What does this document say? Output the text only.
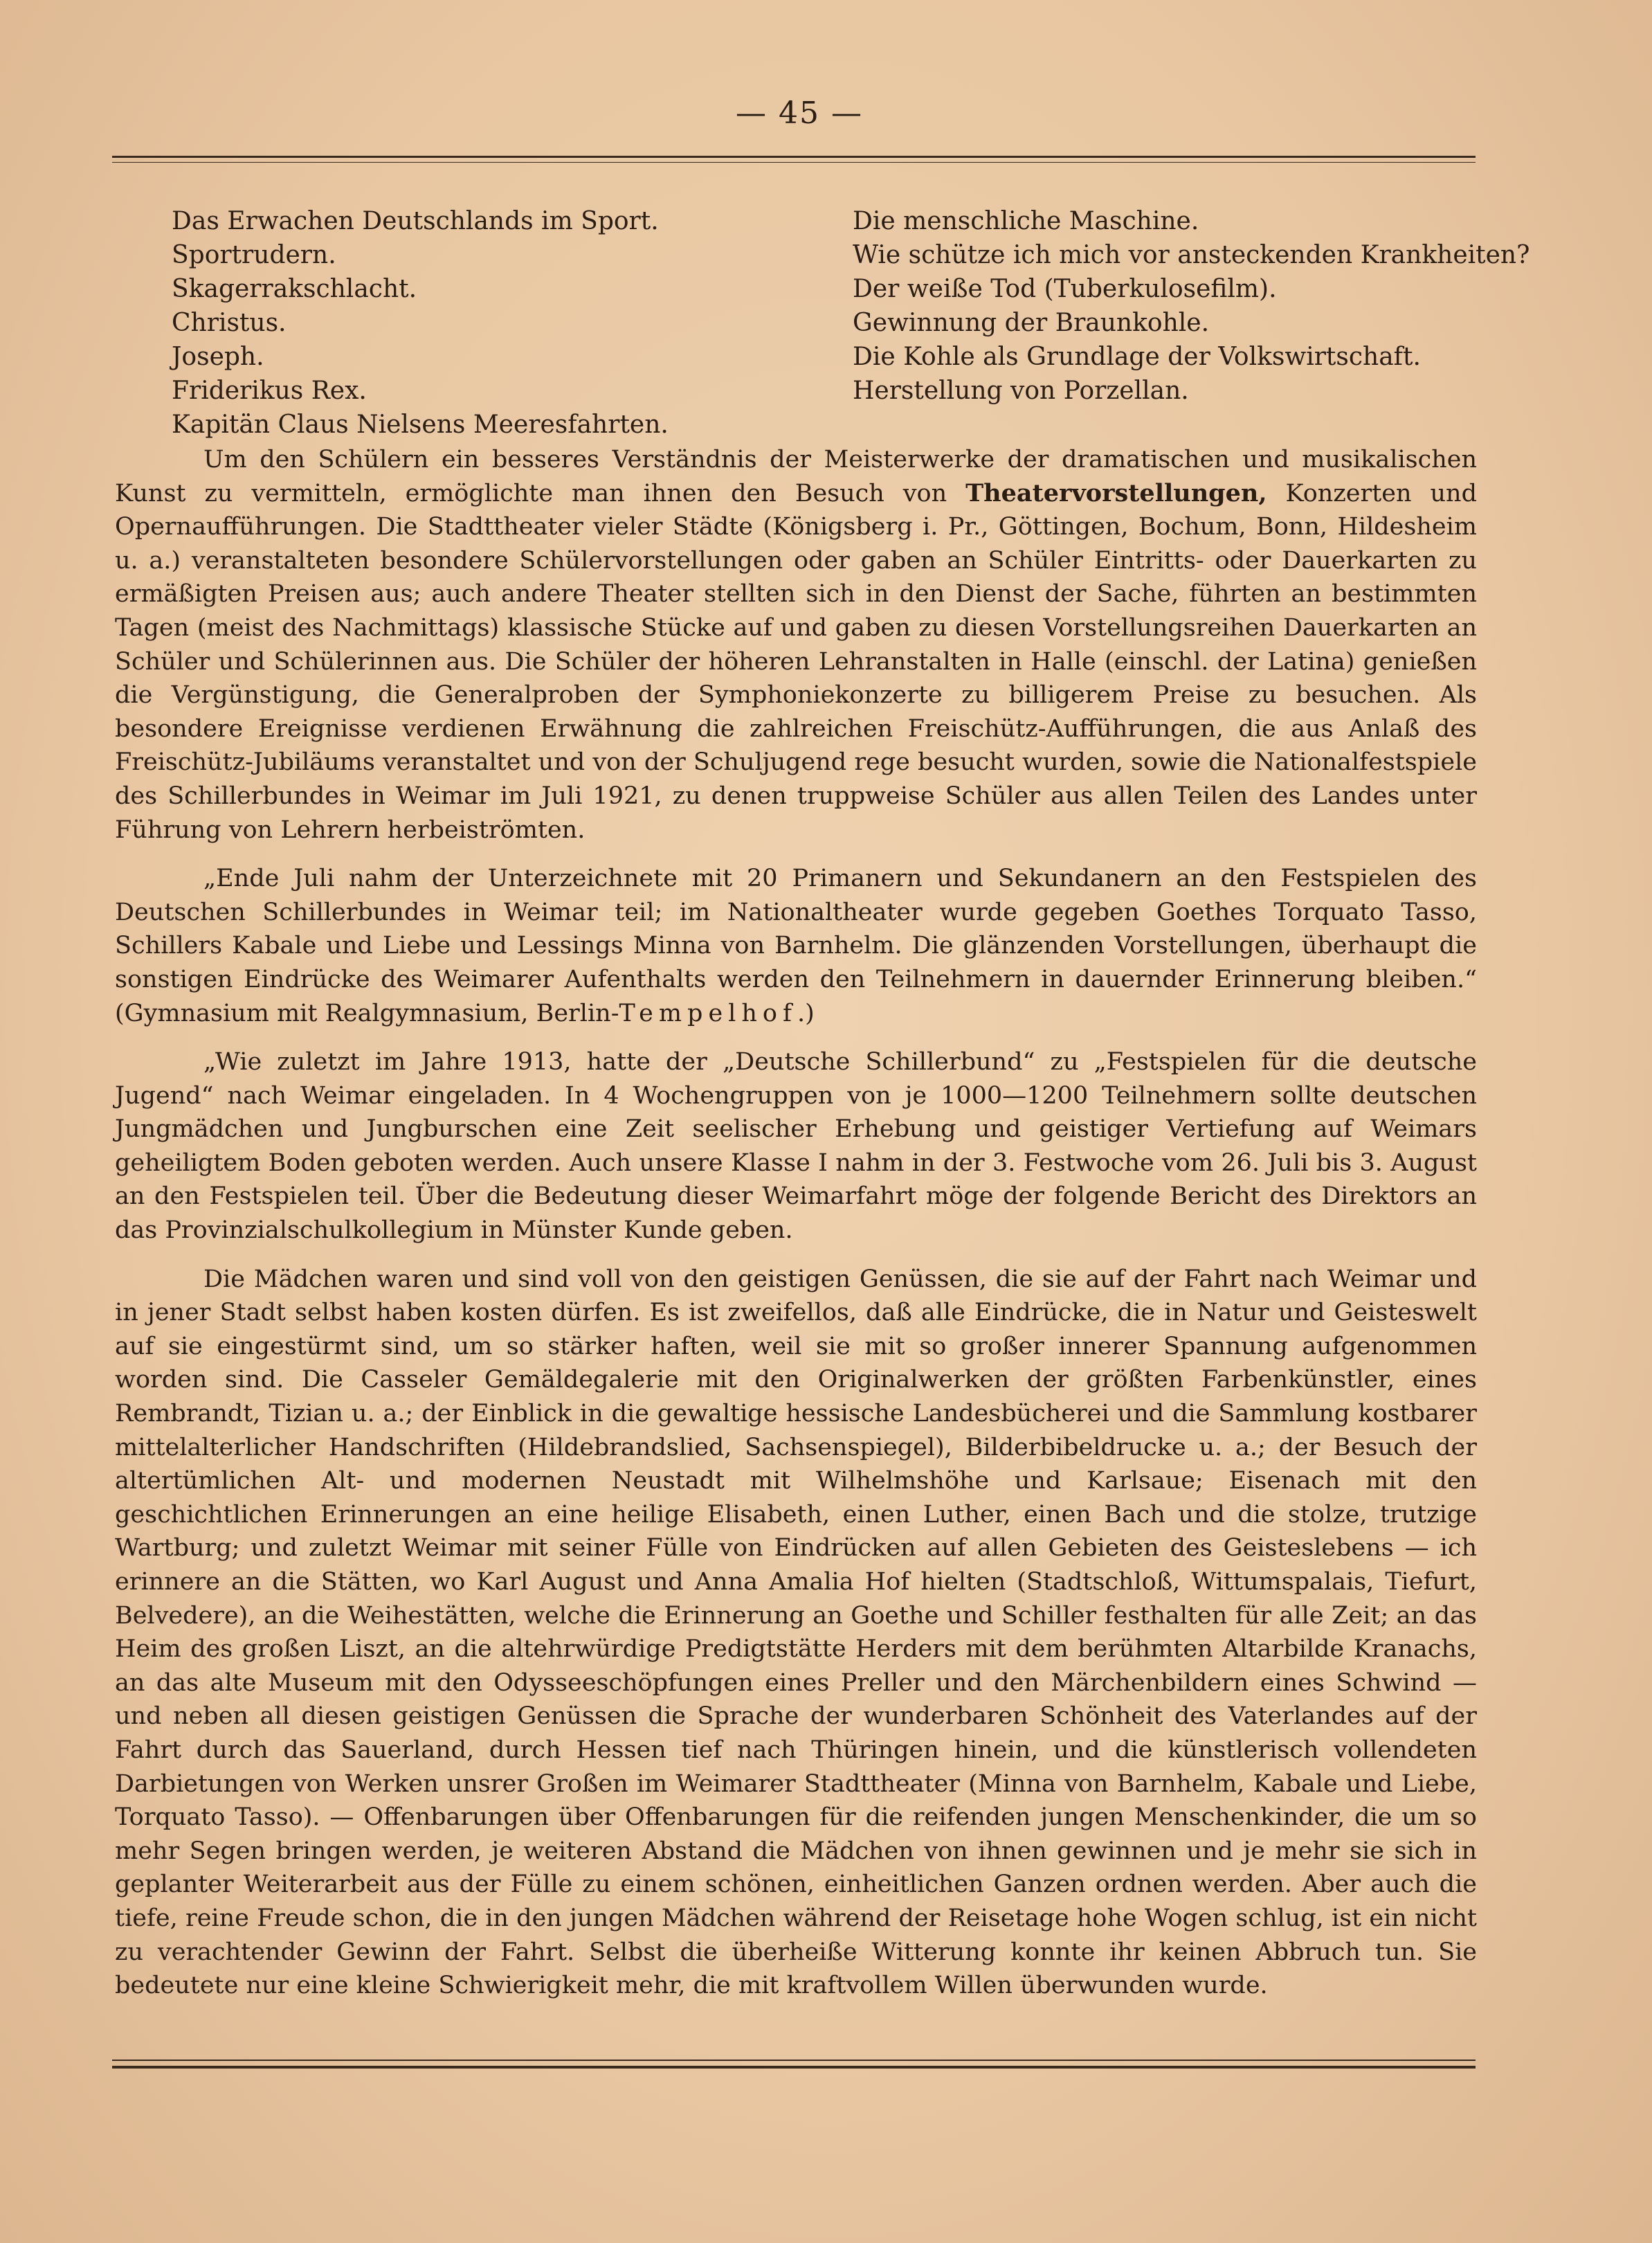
— 45 —
Das Erwachen Deutschlands im Sport.
Sportrudern.
Skagerrakschlacht.
Christus.
Joseph.
Friderikus Rex.
Kapitän Claus Nielsens Meeresfahrten.
Die menschliche Maschine.
Wie schütze ich mich vor ansteckenden Krankheiten?
Der weiße Tod (Tuberkulosefilm).
Gewinnung der Braunkohle.
Die Kohle als Grundlage der Volkswirtschaft.
Herstellung von Porzellan.

Um den Schülern ein besseres Verständnis der Meisterwerke der dramatischen und musikalischen Kunst zu vermitteln, ermöglichte man ihnen den Besuch von Theatervorstellungen, Konzerten und Opernaufführungen. Die Stadttheater vieler Städte (Königsberg i. Pr., Göttingen, Bochum, Bonn, Hildesheim u. a.) veranstalteten besondere Schülervorstellungen oder gaben an Schüler Eintritts- oder Dauerkarten zu ermäßigten Preisen aus; auch andere Theater stellten sich in den Dienst der Sache, führten an bestimmten Tagen (meist des Nachmittags) klassische Stücke auf und gaben zu diesen Vorstellungsreihen Dauerkarten an Schüler und Schülerinnen aus. Die Schüler der höheren Lehranstalten in Halle (einschl. der Latina) genießen die Vergünstigung, die Generalproben der Symphoniekonzerte zu billigerem Preise zu besuchen. Als besondere Ereignisse verdienen Erwähnung die zahlreichen Freischütz-Aufführungen, die aus Anlaß des Freischütz-Jubiläums veranstaltet und von der Schuljugend rege besucht wurden, sowie die Nationalfestspiele des Schillerbundes in Weimar im Juli 1921, zu denen truppweise Schüler aus allen Teilen des Landes unter Führung von Lehrern herbeiströmten.

„Ende Juli nahm der Unterzeichnete mit 20 Primanern und Sekundanern an den Festspielen des Deutschen Schillerbundes in Weimar teil; im Nationaltheater wurde gegeben Goethes Torquato Tasso, Schillers Kabale und Liebe und Lessings Minna von Barnhelm. Die glänzenden Vorstellungen, überhaupt die sonstigen Eindrücke des Weimarer Aufenthalts werden den Teilnehmern in dauernder Erinnerung bleiben.“ (Gymnasium mit Realgymnasium, Berlin-Tempelhof.)

„Wie zuletzt im Jahre 1913, hatte der „Deutsche Schillerbund“ zu „Festspielen für die deutsche Jugend“ nach Weimar eingeladen. In 4 Wochengruppen von je 1000—1200 Teilnehmern sollte deutschen Jungmädchen und Jungburschen eine Zeit seelischer Erhebung und geistiger Vertiefung auf Weimars geheiligtem Boden geboten werden. Auch unsere Klasse I nahm in der 3. Festwoche vom 26. Juli bis 3. August an den Festspielen teil. Über die Bedeutung dieser Weimarfahrt möge der folgende Bericht des Direktors an das Provinzialschulkollegium in Münster Kunde geben.

Die Mädchen waren und sind voll von den geistigen Genüssen, die sie auf der Fahrt nach Weimar und in jener Stadt selbst haben kosten dürfen. Es ist zweifellos, daß alle Eindrücke, die in Natur und Geisteswelt auf sie eingestürmt sind, um so stärker haften, weil sie mit so großer innerer Spannung aufgenommen worden sind. Die Casseler Gemäldegalerie mit den Originalwerken der größten Farbenkünstler, eines Rembrandt, Tizian u. a.; der Einblick in die gewaltige hessische Landesbücherei und die Sammlung kostbarer mittelalterlicher Handschriften (Hildebrandslied, Sachsenspiegel), Bilderbibeldrucke u. a.; der Besuch der altertümlichen Alt- und modernen Neustadt mit Wilhelmshöhe und Karlsaue; Eisenach mit den geschichtlichen Erinnerungen an eine heilige Elisabeth, einen Luther, einen Bach und die stolze, trutzige Wartburg; und zuletzt Weimar mit seiner Fülle von Eindrücken auf allen Gebieten des Geisteslebens — ich erinnere an die Stätten, wo Karl August und Anna Amalia Hof hielten (Stadtschloß, Wittumspalais, Tiefurt, Belvedere), an die Weihestätten, welche die Erinnerung an Goethe und Schiller festhalten für alle Zeit; an das Heim des großen Liszt, an die altehrwürdige Predigtstätte Herders mit dem berühmten Altarbilde Kranachs, an das alte Museum mit den Odysseeschöpfungen eines Preller und den Märchenbildern eines Schwind — und neben all diesen geistigen Genüssen die Sprache der wunderbaren Schönheit des Vaterlandes auf der Fahrt durch das Sauerland, durch Hessen tief nach Thüringen hinein, und die künstlerisch vollendeten Darbietungen von Werken unsrer Großen im Weimarer Stadttheater (Minna von Barnhelm, Kabale und Liebe, Torquato Tasso). — Offenbarungen über Offenbarungen für die reifenden jungen Menschenkinder, die um so mehr Segen bringen werden, je weiteren Abstand die Mädchen von ihnen gewinnen und je mehr sie sich in geplanter Weiterarbeit aus der Fülle zu einem schönen, einheitlichen Ganzen ordnen werden. Aber auch die tiefe, reine Freude schon, die in den jungen Mädchen während der Reisetage hohe Wogen schlug, ist ein nicht zu verachtender Gewinn der Fahrt. Selbst die überheiße Witterung konnte ihr keinen Abbruch tun. Sie bedeutete nur eine kleine Schwierigkeit mehr, die mit kraftvollem Willen überwunden wurde.
